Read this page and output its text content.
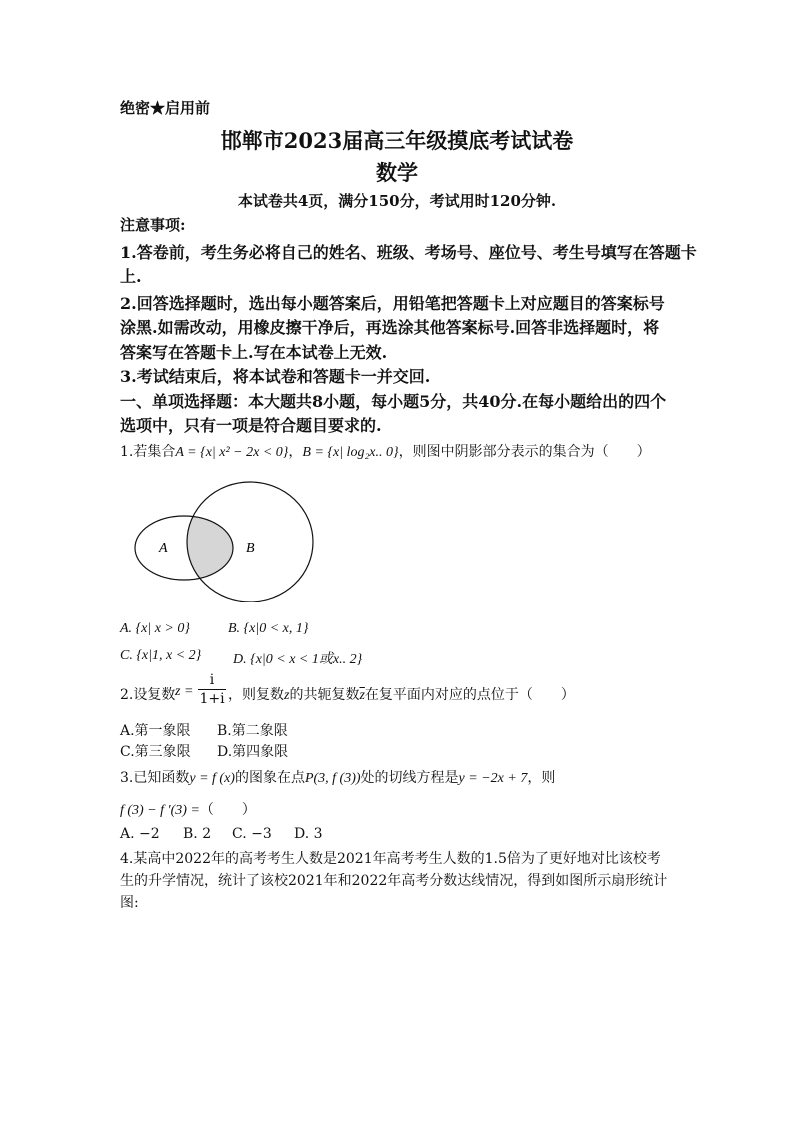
绝密★启用前
邯郸市2023届高三年级摸底考试试卷
数学
本试卷共4页，满分150分，考试用时120分钟.
注意事项:
1.答卷前，考生务必将自己的姓名、班级、考场号、座位号、考生号填写在答题卡
上.
2.回答选择题时，选出每小题答案后，用铅笔把答题卡上对应题目的答案标号
涂黑.如需改动，用橡皮擦干净后，再选涂其他答案标号.回答非选择题时，将
答案写在答题卡上.写在本试卷上无效.
3.考试结束后，将本试卷和答题卡一并交回.
一、单项选择题：本大题共8小题，每小题5分，共40分.在每小题给出的四个
选项中，只有一项是符合题目要求的.
1.若集合A = {x| x² − 2x < 0}，B = {x| log₂x.. 0}，则图中阴影部分表示的集合为（　　）
A	B
A. {x| x > 0}	B. {x|0 < x, 1}
C. {x|1, x < 2} D. {x|0 < x < 1或x.. 2}
2.设复数 z =
i
1+i ，则复数z的共轭复数$\overline{z}$在复平面内对应的点位于（　　）
A.第一象限 B.第二象限
C.第三象限 D.第四象限
3.已知函数y = f (x)的图象在点P(3, f (3))处的切线方程是y = −2x + 7，则
f (3) − f ′(3) =（　　）
A. −2 B. 2 C. −3 D. 3
4.某高中2022年的高考考生人数是2021年高考考生人数的1.5倍为了更好地对比该校考
生的升学情况，统计了该校2021年和2022年高考分数达线情况，得到如图所示扇形统计
图:
